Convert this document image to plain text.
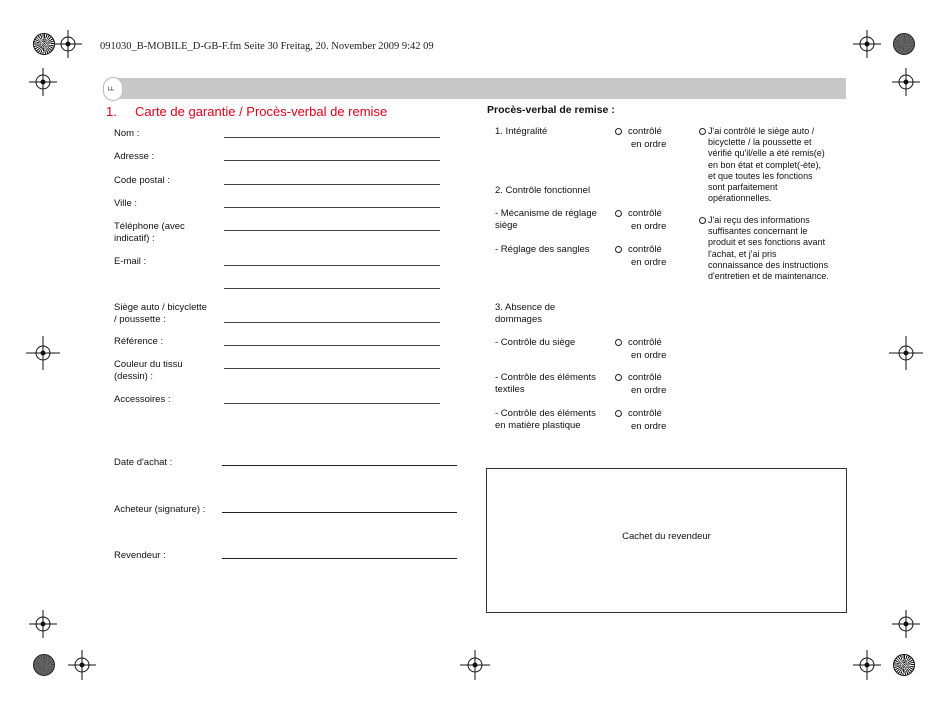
091030_B-MOBILE_D-GB-F.fm Seite 30 Freitag, 20. November 2009 9:42 09
F
1. Carte de garantie / Procès-verbal de remise
Nom :
Adresse :
Code postal :
Ville :
Téléphone (avec
indicatif) :
E-mail :
Siège auto / bicyclette
/ poussette :
Référence :
Couleur du tissu
(dessin) :
Accessoires :
Date d'achat :
Acheteur (signature) :
Revendeur :
Procès-verbal de remise :
1. Intégralité
2. Contrôle fonctionnel
- Mécanisme de réglage
siège
- Réglage des sangles
3. Absence de
dommages
- Contrôle du siège
- Contrôle des éléments
textiles
- Contrôle des éléments
en matière plastique
contrôlé
en ordre
contrôlé
en ordre
contrôlé
en ordre
contrôlé
en ordre
contrôlé
en ordre
contrôlé
en ordre
J'ai contrôlé le siège auto /
bicyclette / la poussette et
vérifié qu'il/elle a été remis(e)
en bon état et complet(-ète),
et que toutes les fonctions
sont parfaitement
opérationnelles.
J'ai reçu des informations
suffisantes concernant le
produit et ses fonctions avant
l'achat, et j'ai pris
connaissance des instructions
d'entretien et de maintenance.
Cachet du revendeur
